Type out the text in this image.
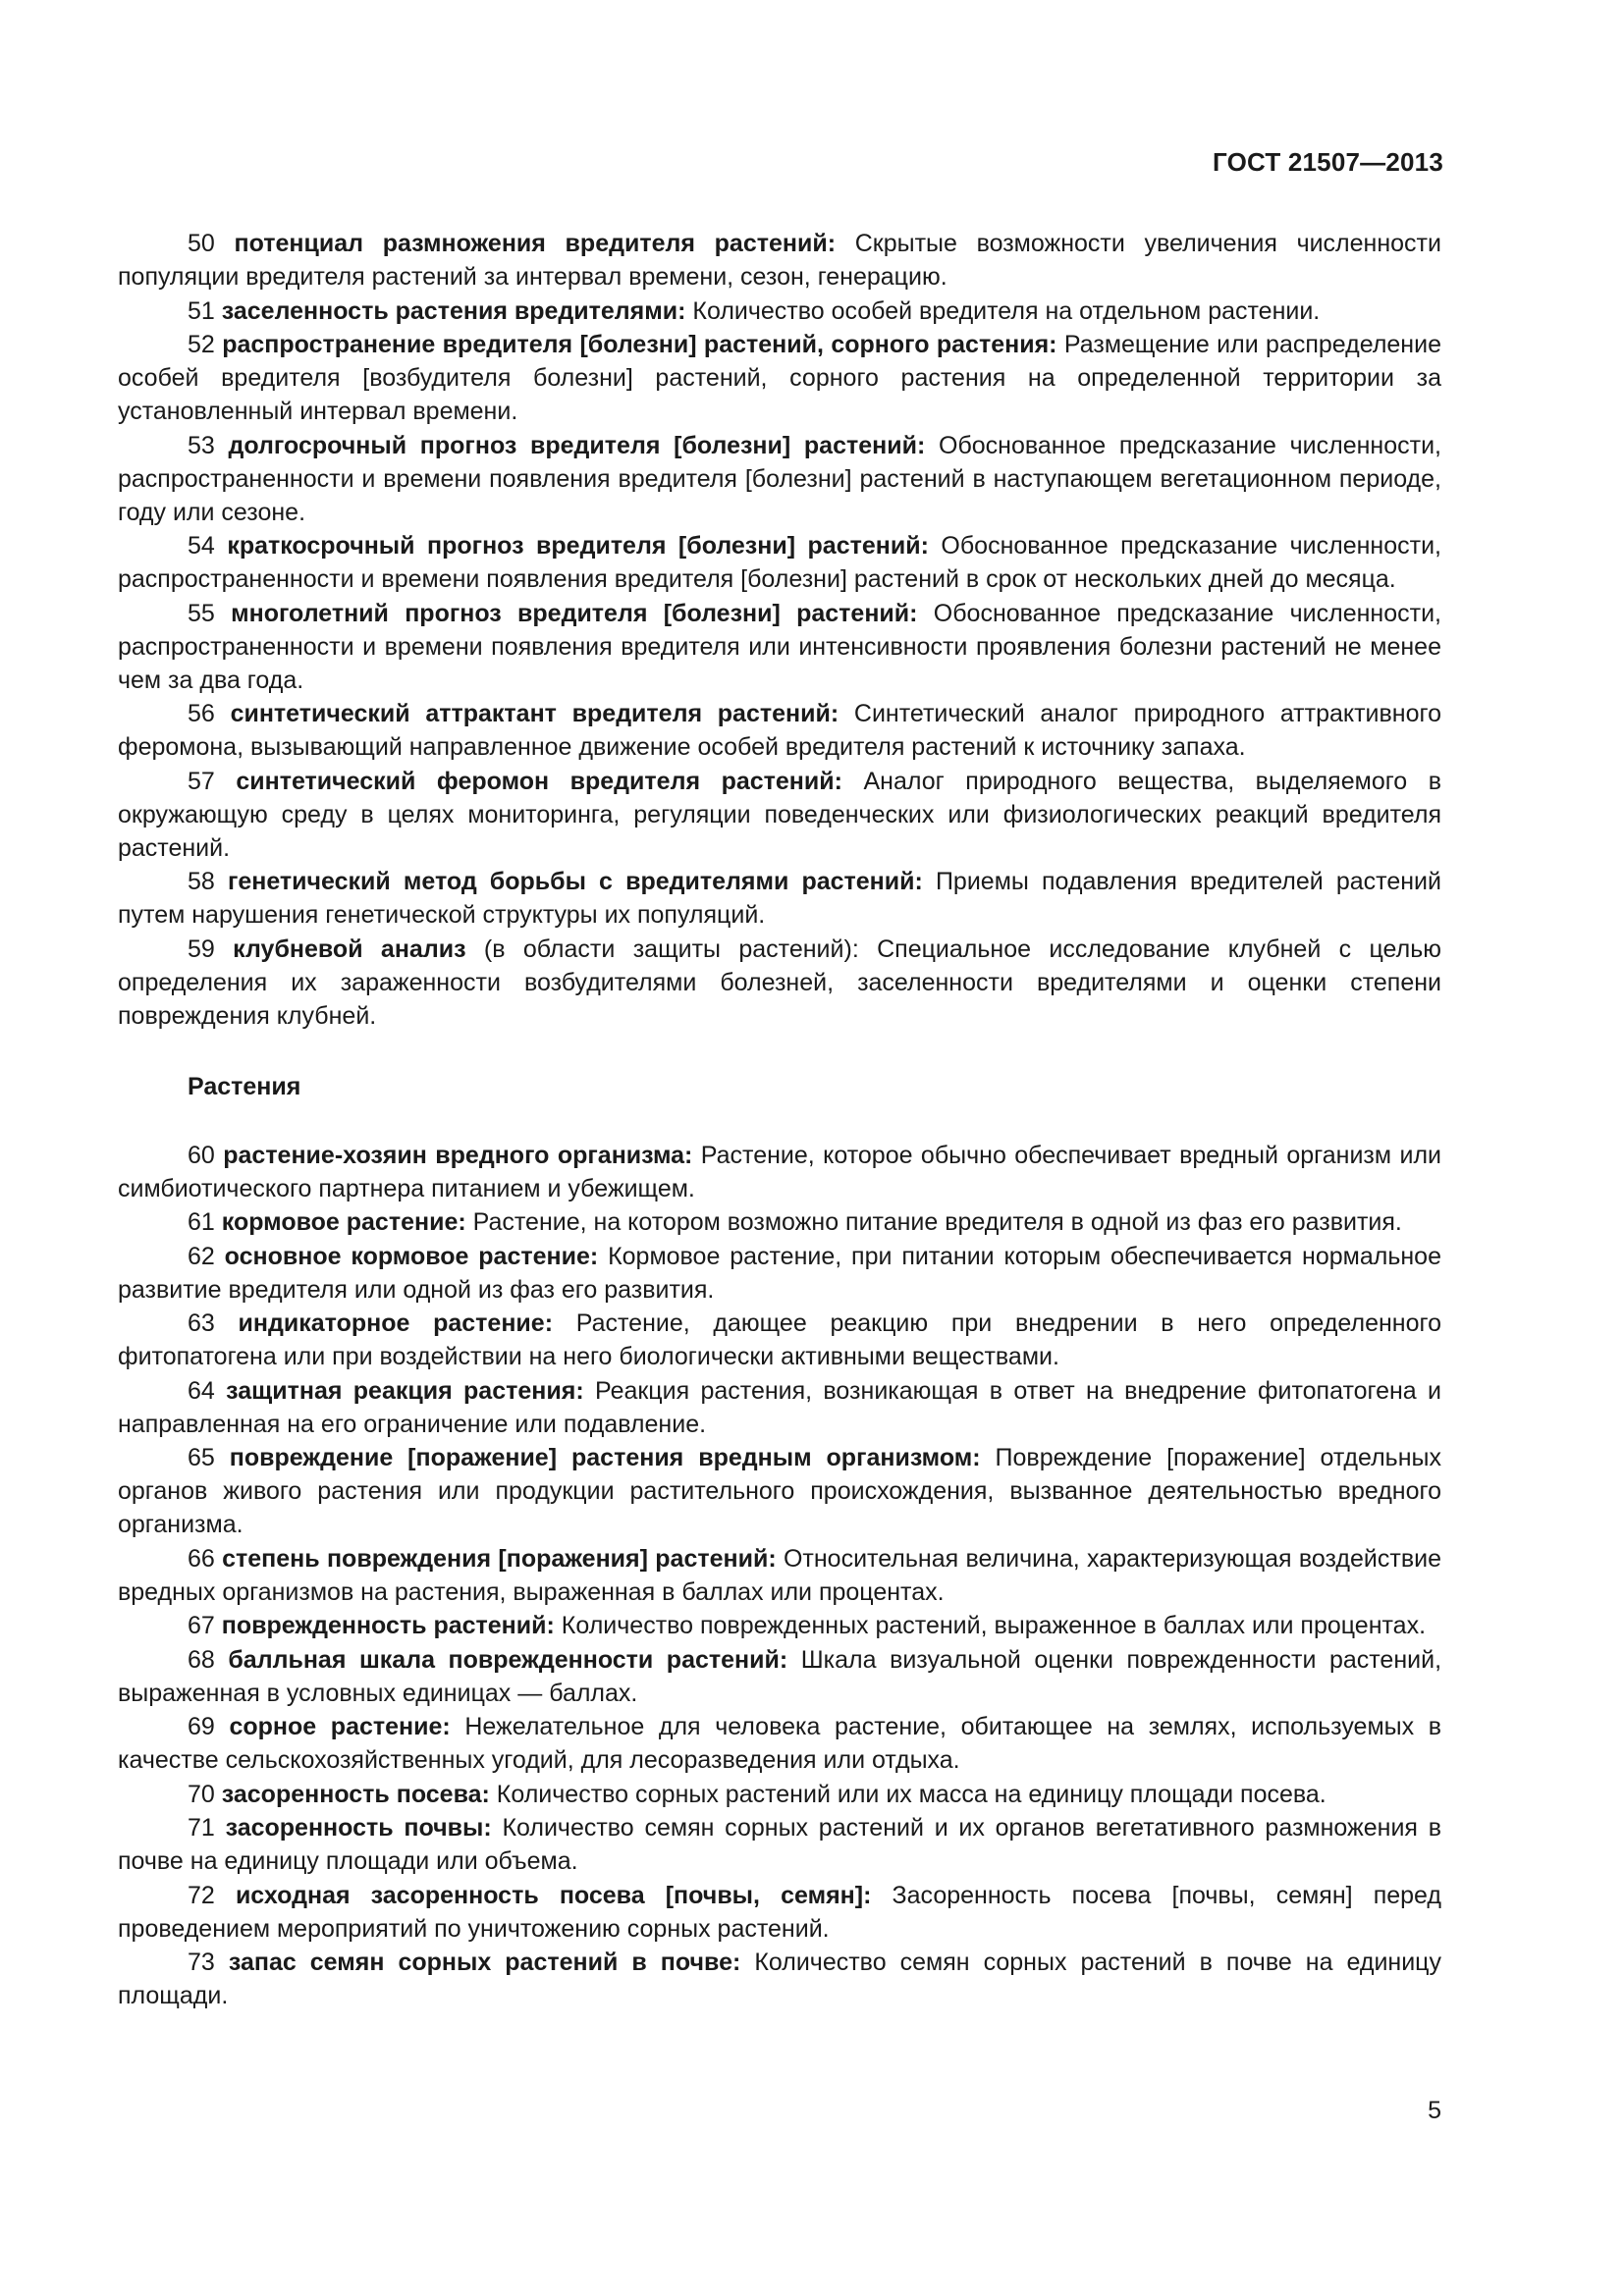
ГОСТ 21507—2013

50 потенциал размножения вредителя растений: Скрытые возможности увеличения численности популяции вредителя растений за интервал времени, сезон, генерацию.

51 заселенность растения вредителями: Количество особей вредителя на отдельном растении.

52 распространение вредителя [болезни] растений, сорного растения: Размещение или распределение особей вредителя [возбудителя болезни] растений, сорного растения на определенной территории за установленный интервал времени.

53 долгосрочный прогноз вредителя [болезни] растений: Обоснованное предсказание численности, распространенности и времени появления вредителя [болезни] растений в наступающем вегетационном периоде, году или сезоне.

54 краткосрочный прогноз вредителя [болезни] растений: Обоснованное предсказание численности, распространенности и времени появления вредителя [болезни] растений в срок от нескольких дней до месяца.

55 многолетний прогноз вредителя [болезни] растений: Обоснованное предсказание численности, распространенности и времени появления вредителя или интенсивности проявления болезни растений не менее чем за два года.

56 синтетический аттрактант вредителя растений: Синтетический аналог природного аттрактивного феромона, вызывающий направленное движение особей вредителя растений к источнику запаха.

57 синтетический феромон вредителя растений: Аналог природного вещества, выделяемого в окружающую среду в целях мониторинга, регуляции поведенческих или физиологических реакций вредителя растений.

58 генетический метод борьбы с вредителями растений: Приемы подавления вредителей растений путем нарушения генетической структуры их популяций.

59 клубневой анализ (в области защиты растений): Специальное исследование клубней с целью определения их зараженности возбудителями болезней, заселенности вредителями и оценки степени повреждения клубней.

Растения

60 растение-хозяин вредного организма: Растение, которое обычно обеспечивает вредный организм или симбиотического партнера питанием и убежищем.

61 кормовое растение: Растение, на котором возможно питание вредителя в одной из фаз его развития.

62 основное кормовое растение: Кормовое растение, при питании которым обеспечивается нормальное развитие вредителя или одной из фаз его развития.

63 индикаторное растение: Растение, дающее реакцию при внедрении в него определенного фитопатогена или при воздействии на него биологически активными веществами.

64 защитная реакция растения: Реакция растения, возникающая в ответ на внедрение фитопатогена и направленная на его ограничение или подавление.

65 повреждение [поражение] растения вредным организмом: Повреждение [поражение] отдельных органов живого растения или продукции растительного происхождения, вызванное деятельностью вредного организма.

66 степень повреждения [поражения] растений: Относительная величина, характеризующая воздействие вредных организмов на растения, выраженная в баллах или процентах.

67 поврежденность растений: Количество поврежденных растений, выраженное в баллах или процентах.

68 балльная шкала поврежденности растений: Шкала визуальной оценки поврежденности растений, выраженная в условных единицах — баллах.

69 сорное растение: Нежелательное для человека растение, обитающее на землях, используемых в качестве сельскохозяйственных угодий, для лесоразведения или отдыха.

70 засоренность посева: Количество сорных растений или их масса на единицу площади посева.

71 засоренность почвы: Количество семян сорных растений и их органов вегетативного размножения в почве на единицу площади или объема.

72 исходная засоренность посева [почвы, семян]: Засоренность посева [почвы, семян] перед проведением мероприятий по уничтожению сорных растений.

73 запас семян сорных растений в почве: Количество семян сорных растений в почве на единицу площади.

5
